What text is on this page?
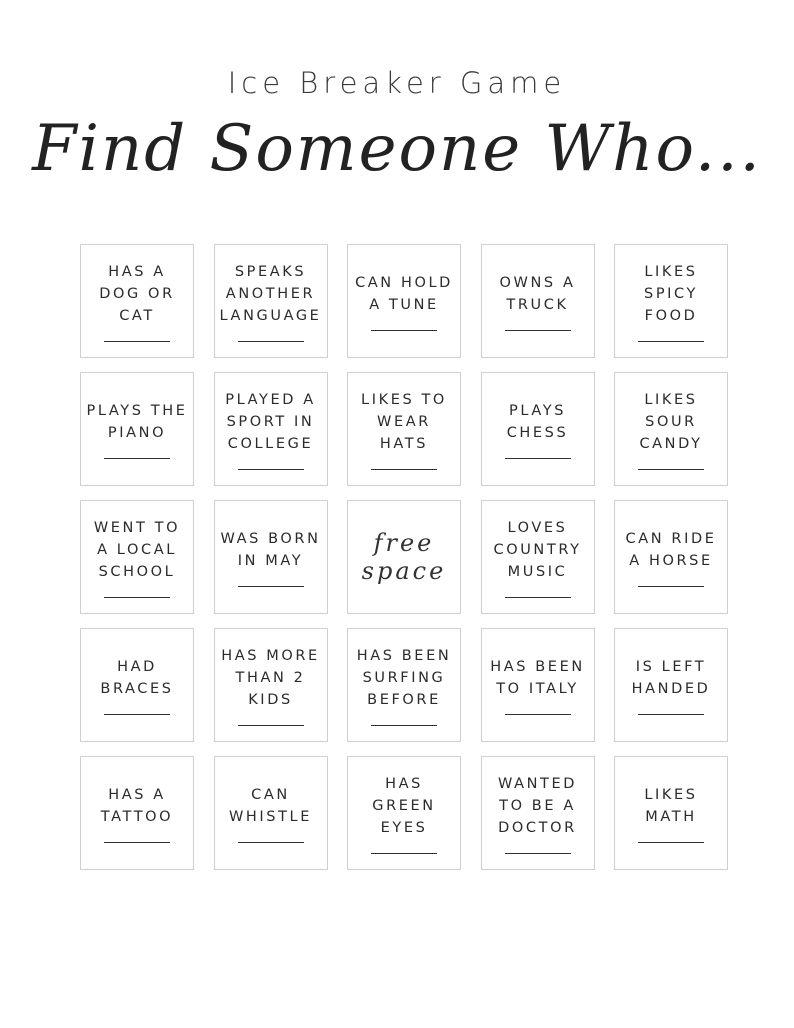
Ice Breaker Game
Find Someone Who...
HAS A
DOG OR
CAT
SPEAKS
ANOTHER
LANGUAGE
CAN HOLD
A TUNE
OWNS A
TRUCK
LIKES
SPICY
FOOD
PLAYS THE
PIANO
PLAYED A
SPORT IN
COLLEGE
LIKES TO
WEAR
HATS
PLAYS
CHESS
LIKES
SOUR
CANDY
WENT TO
A LOCAL
SCHOOL
WAS BORN
IN MAY
free
space
LOVES
COUNTRY
MUSIC
CAN RIDE
A HORSE
HAD
BRACES
HAS MORE
THAN 2
KIDS
HAS BEEN
SURFING
BEFORE
HAS BEEN
TO ITALY
IS LEFT
HANDED
HAS A
TATTOO
CAN
WHISTLE
HAS
GREEN
EYES
WANTED
TO BE A
DOCTOR
LIKES
MATH
